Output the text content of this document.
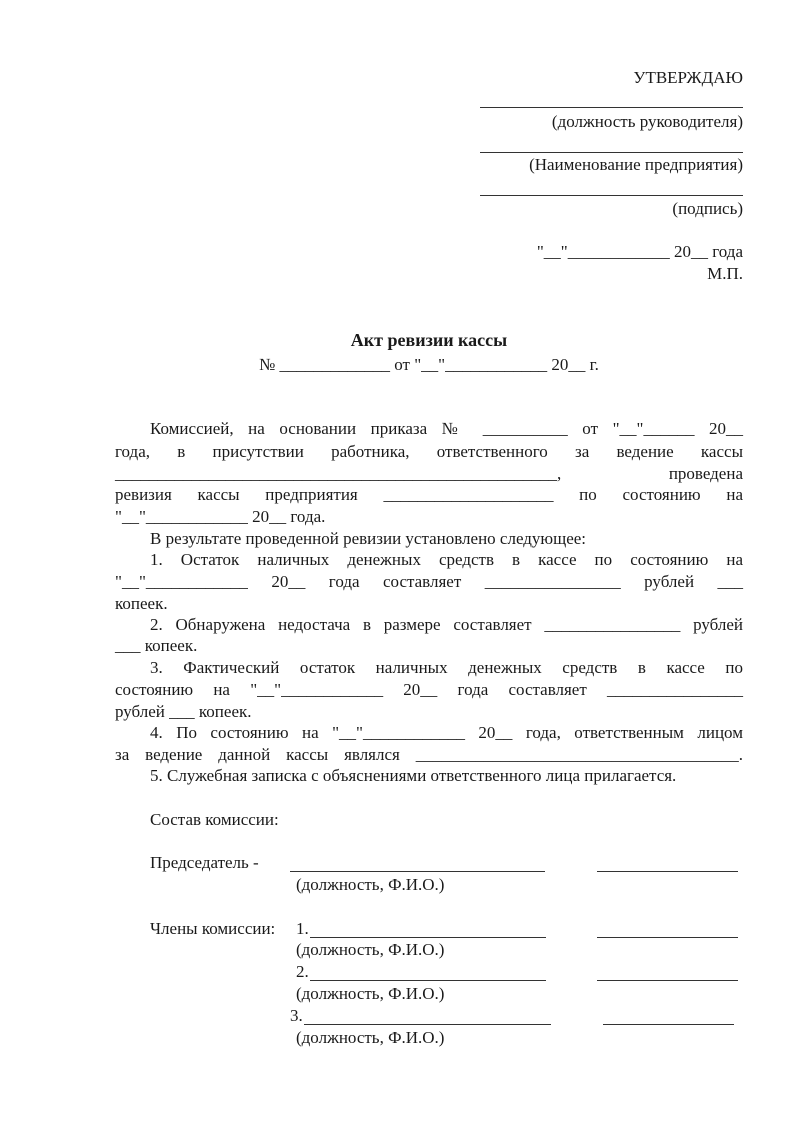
УТВЕРЖДАЮ
(должность руководителя)
(Наименование предприятия)
(подпись)
"__"____________ 20__ года
М.П.
Акт ревизии кассы
№ _____________ от "__"____________ 20__ г.
Комиссией, на основании приказа № __________ от "__"______ 20__
года, в присутствии работника, ответственного за ведение кассы
____________________________________________________, проведена
ревизия кассы предприятия ____________________ по состоянию на
"__"____________ 20__ года.
В результате проведенной ревизии установлено следующее:
1. Остаток наличных денежных средств в кассе по состоянию на
"__"____________ 20__ года составляет ________________ рублей ___
копеек.
2. Обнаружена недостача в размере составляет ________________ рублей
___ копеек.
3. Фактический остаток наличных денежных средств в кассе по
состоянию на "__"____________ 20__ года составляет ________________
рублей ___ копеек.
4. По состоянию на "__"____________ 20__ года, ответственным лицом
за ведение данной кассы являлся ______________________________________.
5. Служебная записка с объяснениями ответственного лица прилагается.
Состав комиссии:
Председатель -
(должность, Ф.И.О.)
Члены комиссии: 1.
(должность, Ф.И.О.)
2.
(должность, Ф.И.О.)
3.
(должность, Ф.И.О.)
